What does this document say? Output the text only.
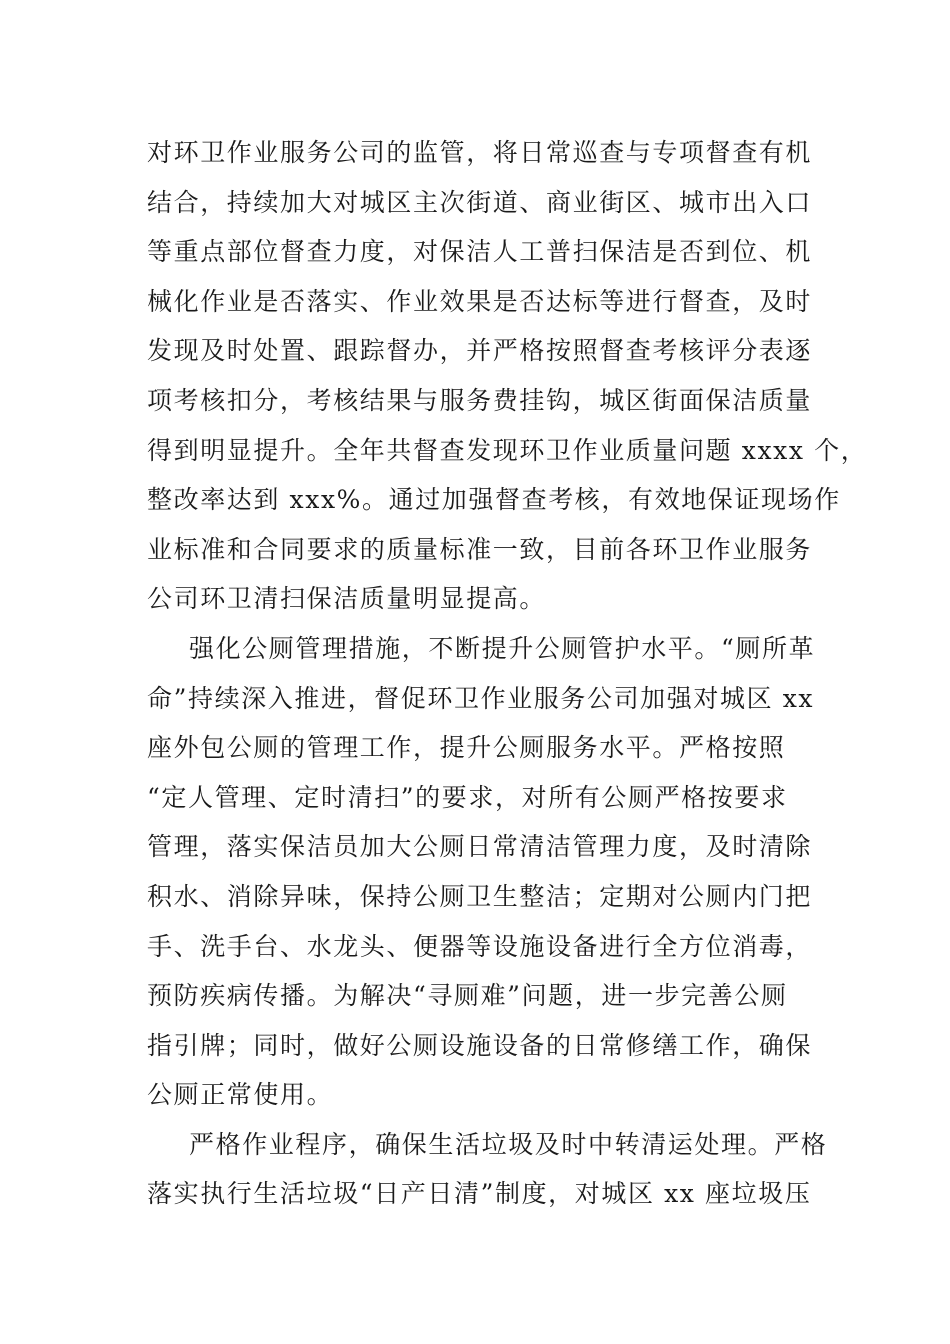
对环卫作业服务公司的监管，将日常巡查与专项督查有机
结合，持续加大对城区主次街道、商业街区、城市出入口
等重点部位督查力度，对保洁人工普扫保洁是否到位、机
械化作业是否落实、作业效果是否达标等进行督查，及时
发现及时处置、跟踪督办，并严格按照督查考核评分表逐
项考核扣分，考核结果与服务费挂钩，城区街面保洁质量
得到明显提升。全年共督查发现环卫作业质量问题 xxxx 个，
整改率达到 xxx%。通过加强督查考核，有效地保证现场作
业标准和合同要求的质量标准一致，目前各环卫作业服务
公司环卫清扫保洁质量明显提高。
强化公厕管理措施，不断提升公厕管护水平。“厕所革
命”持续深入推进，督促环卫作业服务公司加强对城区 xx
座外包公厕的管理工作，提升公厕服务水平。严格按照
“定人管理、定时清扫”的要求，对所有公厕严格按要求
管理，落实保洁员加大公厕日常清洁管理力度，及时清除
积水、消除异味，保持公厕卫生整洁；定期对公厕内门把
手、洗手台、水龙头、便器等设施设备进行全方位消毒，
预防疾病传播。为解决“寻厕难”问题，进一步完善公厕
指引牌；同时，做好公厕设施设备的日常修缮工作，确保
公厕正常使用。
严格作业程序，确保生活垃圾及时中转清运处理。严格
落实执行生活垃圾“日产日清”制度，对城区 xx 座垃圾压
